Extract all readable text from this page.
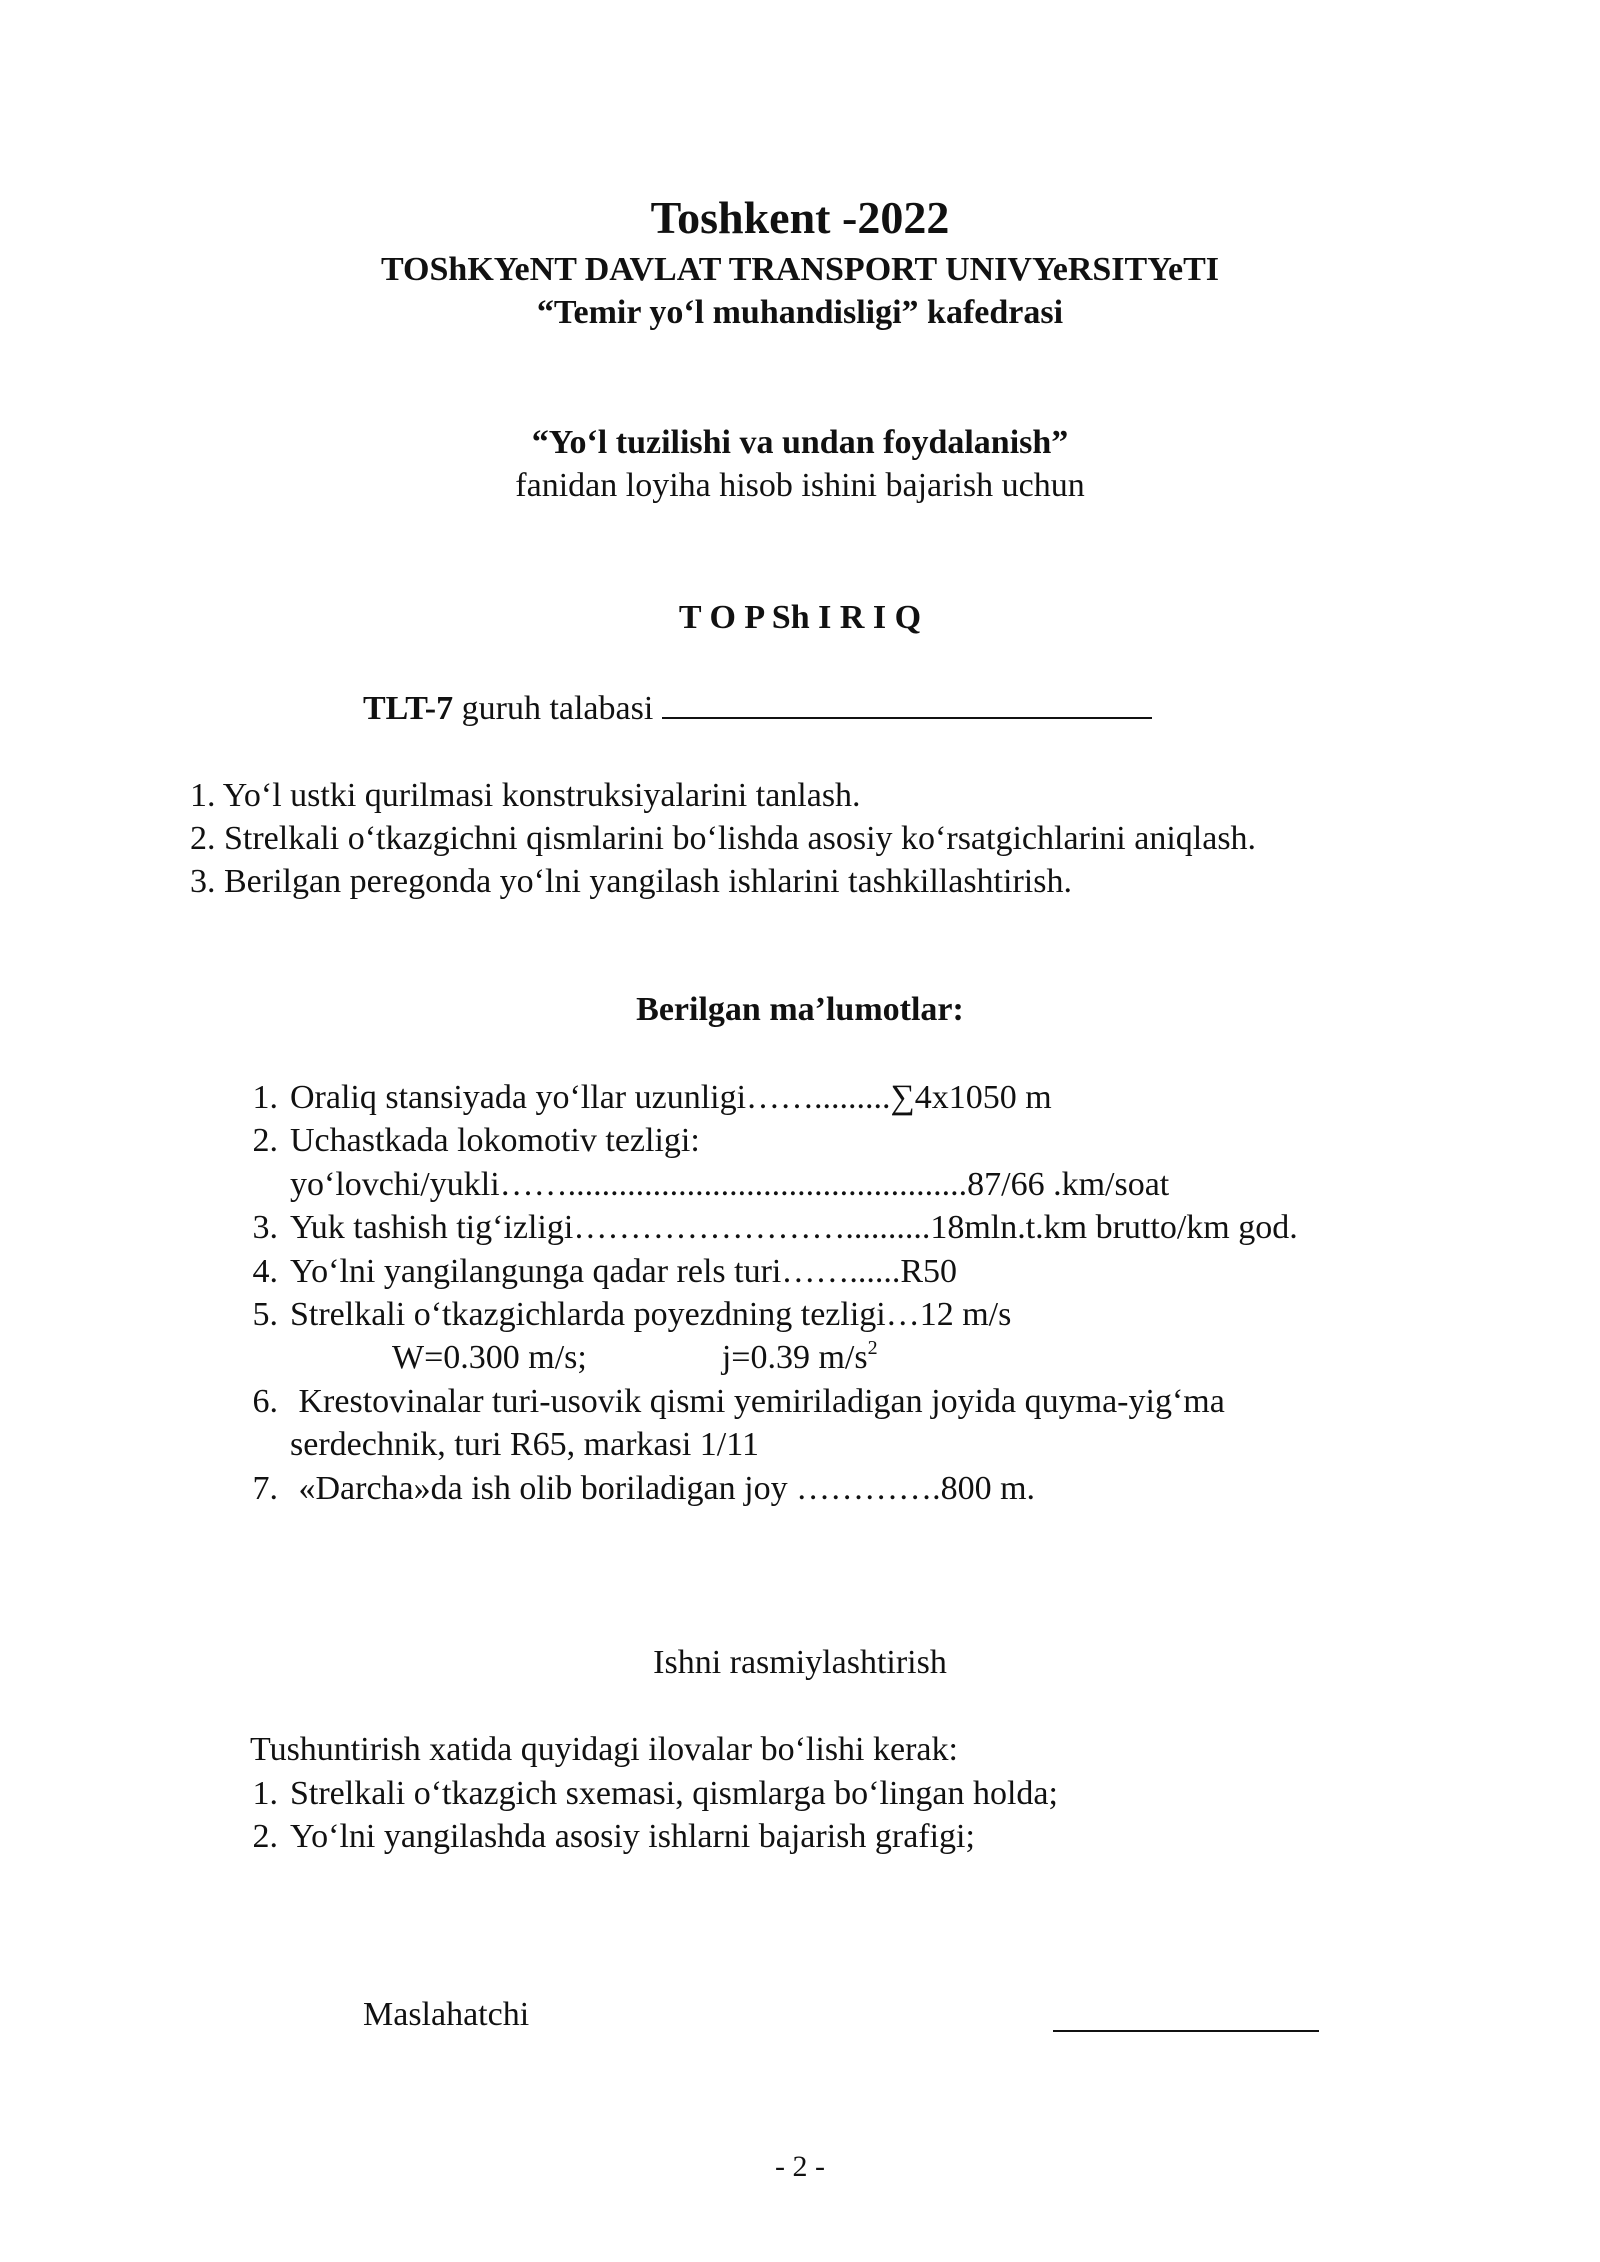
Toshkent -2022
TOShKYeNT DAVLAT TRANSPORT UNIVYeRSITYeTI
“Temir yo‘l muhandisligi” kafedrasi
“Yo‘l tuzilishi va undan foydalanish”
fanidan loyiha hisob ishini bajarish uchun
T O P Sh I R I Q
TLT-7 guruh talabasi
1. Yo‘l ustki qurilmasi konstruksiyalarini tanlash.
2. Strelkali o‘tkazgichni qismlarini bo‘lishda asosiy ko‘rsatgichlarini aniqlash.
3. Berilgan peregonda yo‘lni yangilash ishlarini tashkillashtirish.
Berilgan ma’lumotlar:
1. Oraliq stansiyada yo‘llar uzunligi…….........∑4x1050 m
2. Uchastkada lokomotiv tezligi:
yo‘lovchi/yukli……...............................................87/66 .km/soat
3. Yuk tashish tig‘izligi……………………..........18mln.t.km brutto/km god.
4. Yo‘lni yangilangunga qadar rels turi……......R50
5. Strelkali o‘tkazgichlarda poyezdning tezligi…12 m/s
W=0.300 m/s;	j=0.39 $m/s^2$
6. Krestovinalar turi-usovik qismi yemiriladigan joyida quyma-yig‘ma
serdechnik, turi R65, markasi 1/11
7. «Darcha»da ish olib boriladigan joy ………….800 m.
Ishni rasmiylashtirish
Tushuntirish xatida quyidagi ilovalar bo‘lishi kerak:
1. Strelkali o‘tkazgich sxemasi, qismlarga bo‘lingan holda;
2. Yo‘lni yangilashda asosiy ishlarni bajarish grafigi;
Maslahatchi
- 2 -
